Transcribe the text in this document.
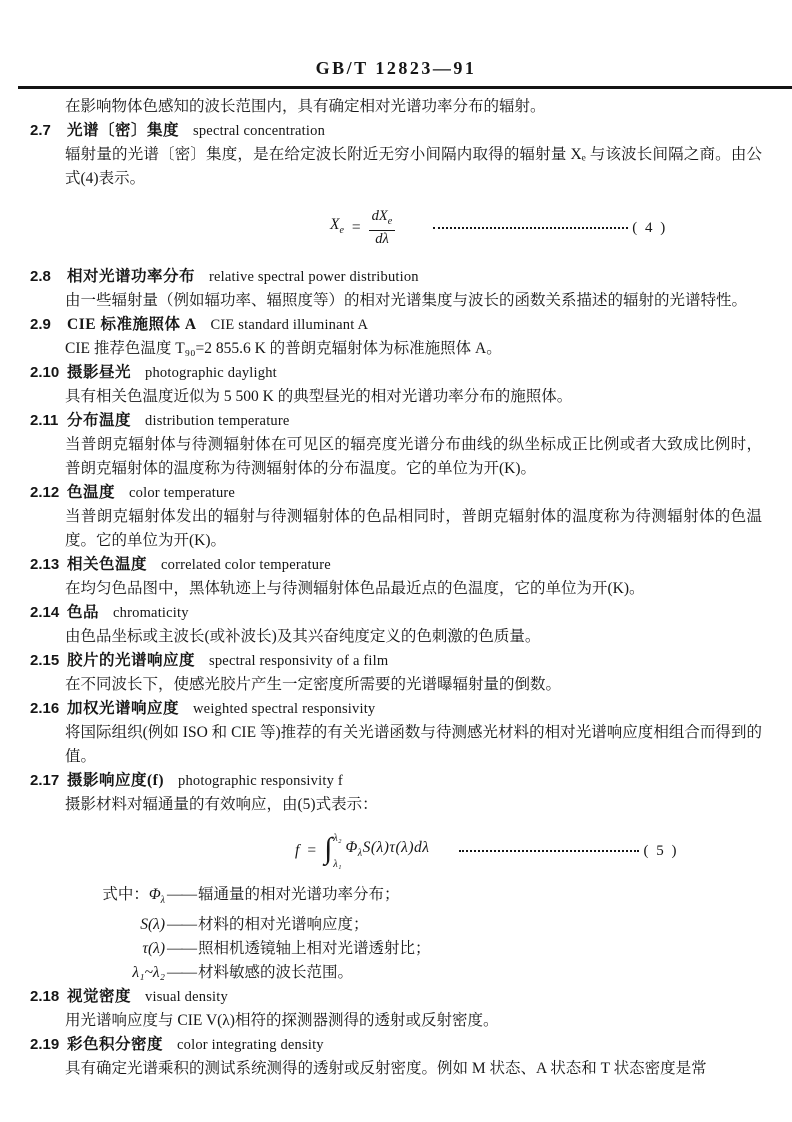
GB/T 12823—91

在影响物体色感知的波长范围内，具有确定相对光谱功率分布的辐射。

2.7 光谱〔密〕集度 spectral concentration

辐射量的光谱〔密〕集度，是在给定波长附近无穷小间隔内取得的辐射量 Xₑ 与该波长间隔之商。由公式(4)表示。

$X_e = \frac{dX_e}{d\lambda}$	( 4 )

2.8 相对光谱功率分布 relative spectral power distribution

由一些辐射量（例如辐功率、辐照度等）的相对光谱集度与波长的函数关系描述的辐射的光谱特性。

2.9 CIE 标准施照体 A CIE standard illuminant A

CIE 推荐色温度 T₉₀=2 855.6 K 的普朗克辐射体为标准施照体 A。

2.10 摄影昼光 photographic daylight

具有相关色温度近似为 5 500 K 的典型昼光的相对光谱功率分布的施照体。

2.11 分布温度 distribution temperature

当普朗克辐射体与待测辐射体在可见区的辐亮度光谱分布曲线的纵坐标成正比例或者大致成比例时，普朗克辐射体的温度称为待测辐射体的分布温度。它的单位为开(K)。

2.12 色温度 color temperature

当普朗克辐射体发出的辐射与待测辐射体的色品相同时，普朗克辐射体的温度称为待测辐射体的色温度。它的单位为开(K)。

2.13 相关色温度 correlated color temperature

在均匀色品图中，黑体轨迹上与待测辐射体色品最近点的色温度，它的单位为开(K)。

2.14 色品 chromaticity

由色品坐标或主波长(或补波长)及其兴奋纯度定义的色刺激的色质量。

2.15 胶片的光谱响应度 spectral responsivity of a film

在不同波长下，使感光胶片产生一定密度所需要的光谱曝辐射量的倒数。

2.16 加权光谱响应度 weighted spectral responsivity

将国际组织(例如 ISO 和 CIE 等)推荐的有关光谱函数与待测感光材料的相对光谱响应度相组合而得到的值。

2.17 摄影响应度(f) photographic responsivity f

摄影材料对辐通量的有效响应，由(5)式表示：

f = ∫ λ₂
λ₁
$\Phi_\lambda S(\lambda)\tau(\lambda)d\lambda$	( 5 )
式中：$\Phi_\lambda$ —— 辐通量的相对光谱功率分布；
S(λ) —— 材料的相对光谱响应度；
τ(λ) —— 照相机透镜轴上相对光谱透射比；
λ₁~λ₂ —— 材料敏感的波长范围。

2.18 视觉密度 visual density

用光谱响应度与 CIE V(λ)相符的探测器测得的透射或反射密度。

2.19 彩色积分密度 color integrating density

具有确定光谱乘积的测试系统测得的透射或反射密度。例如 M 状态、A 状态和 T 状态密度是常
